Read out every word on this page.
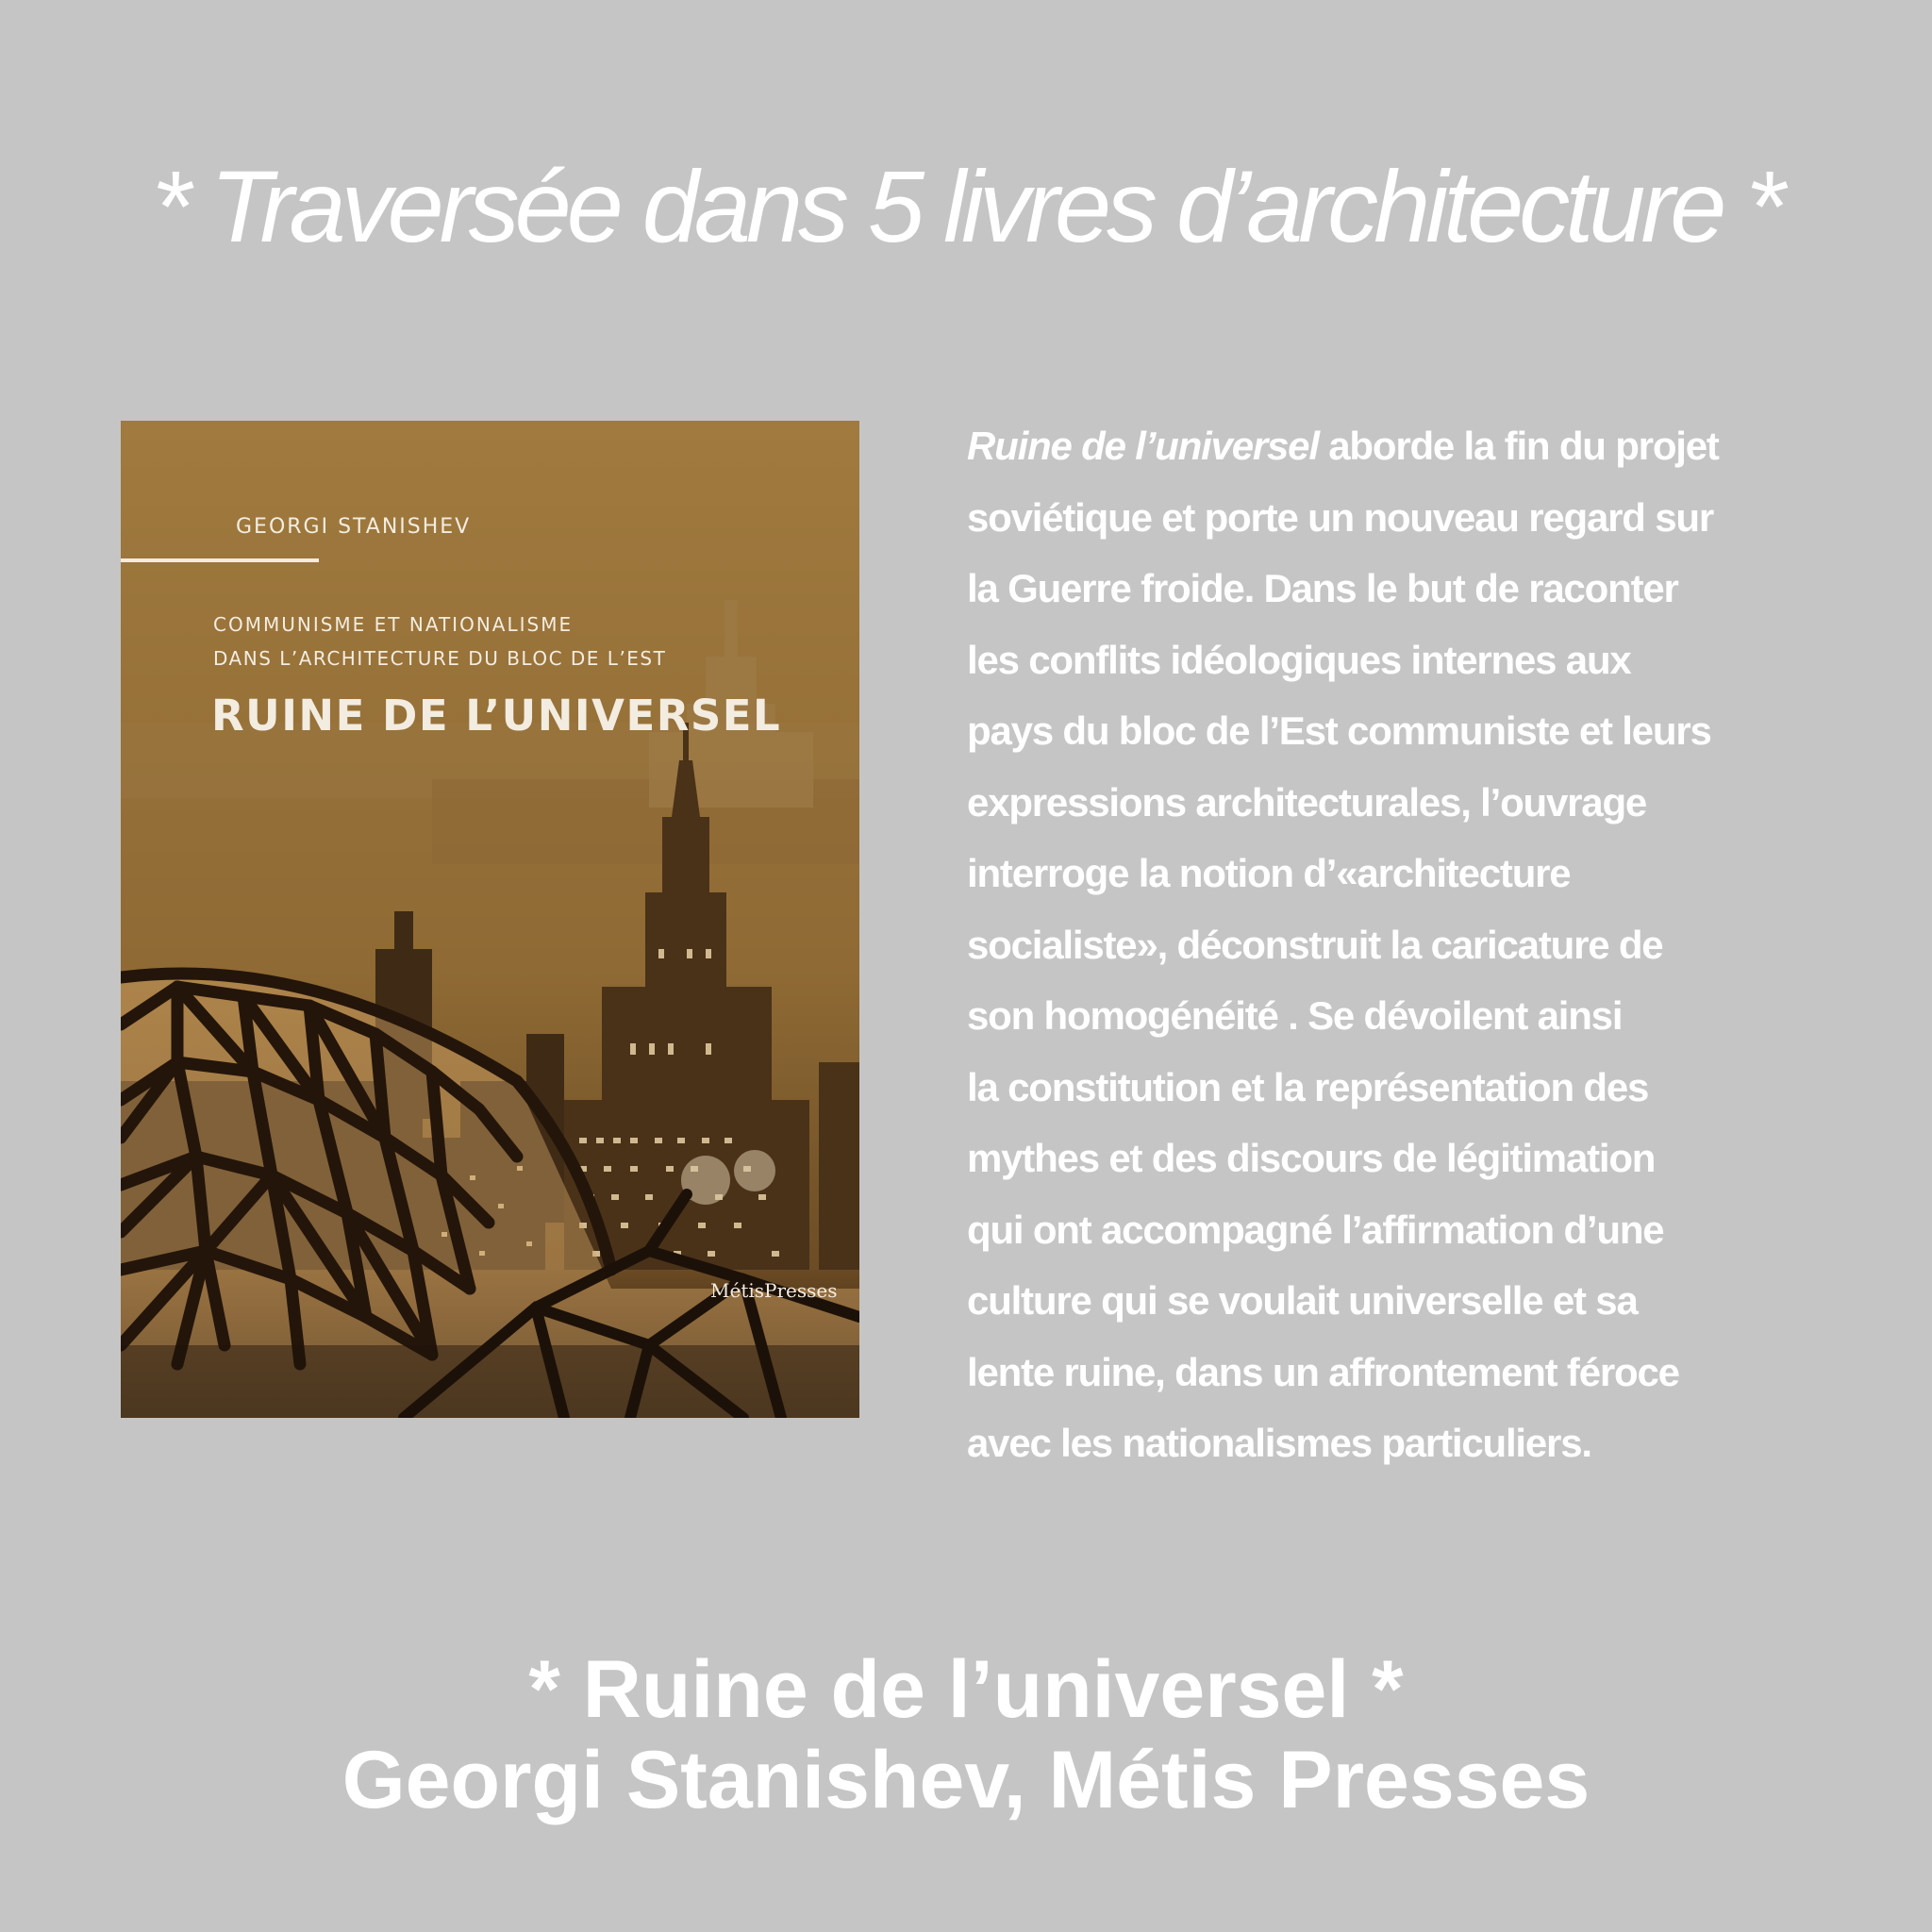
* Traversée dans 5 livres d’architecture *
GEORGI STANISHEV
COMMUNISME ET NATIONALISME
DANS L’ARCHITECTURE DU BLOC DE L’EST
RUINE DE L’UNIVERSEL
MétisPresses
Ruine de l’universel aborde la fin du projet
soviétique et porte un nouveau regard sur
la Guerre froide. Dans le but de raconter
les conflits idéologiques internes aux
pays du bloc de l’Est communiste et leurs
expressions architecturales, l’ouvrage
interroge la notion d’«architecture
socialiste», déconstruit la caricature de
son homogénéité . Se dévoilent ainsi
la constitution et la représentation des
mythes et des discours de légitimation
qui ont accompagné l’affirmation d’une
culture qui se voulait universelle et sa
lente ruine, dans un affrontement féroce
avec les nationalismes particuliers.
* Ruine de l’universel *
Georgi Stanishev, Métis Presses
